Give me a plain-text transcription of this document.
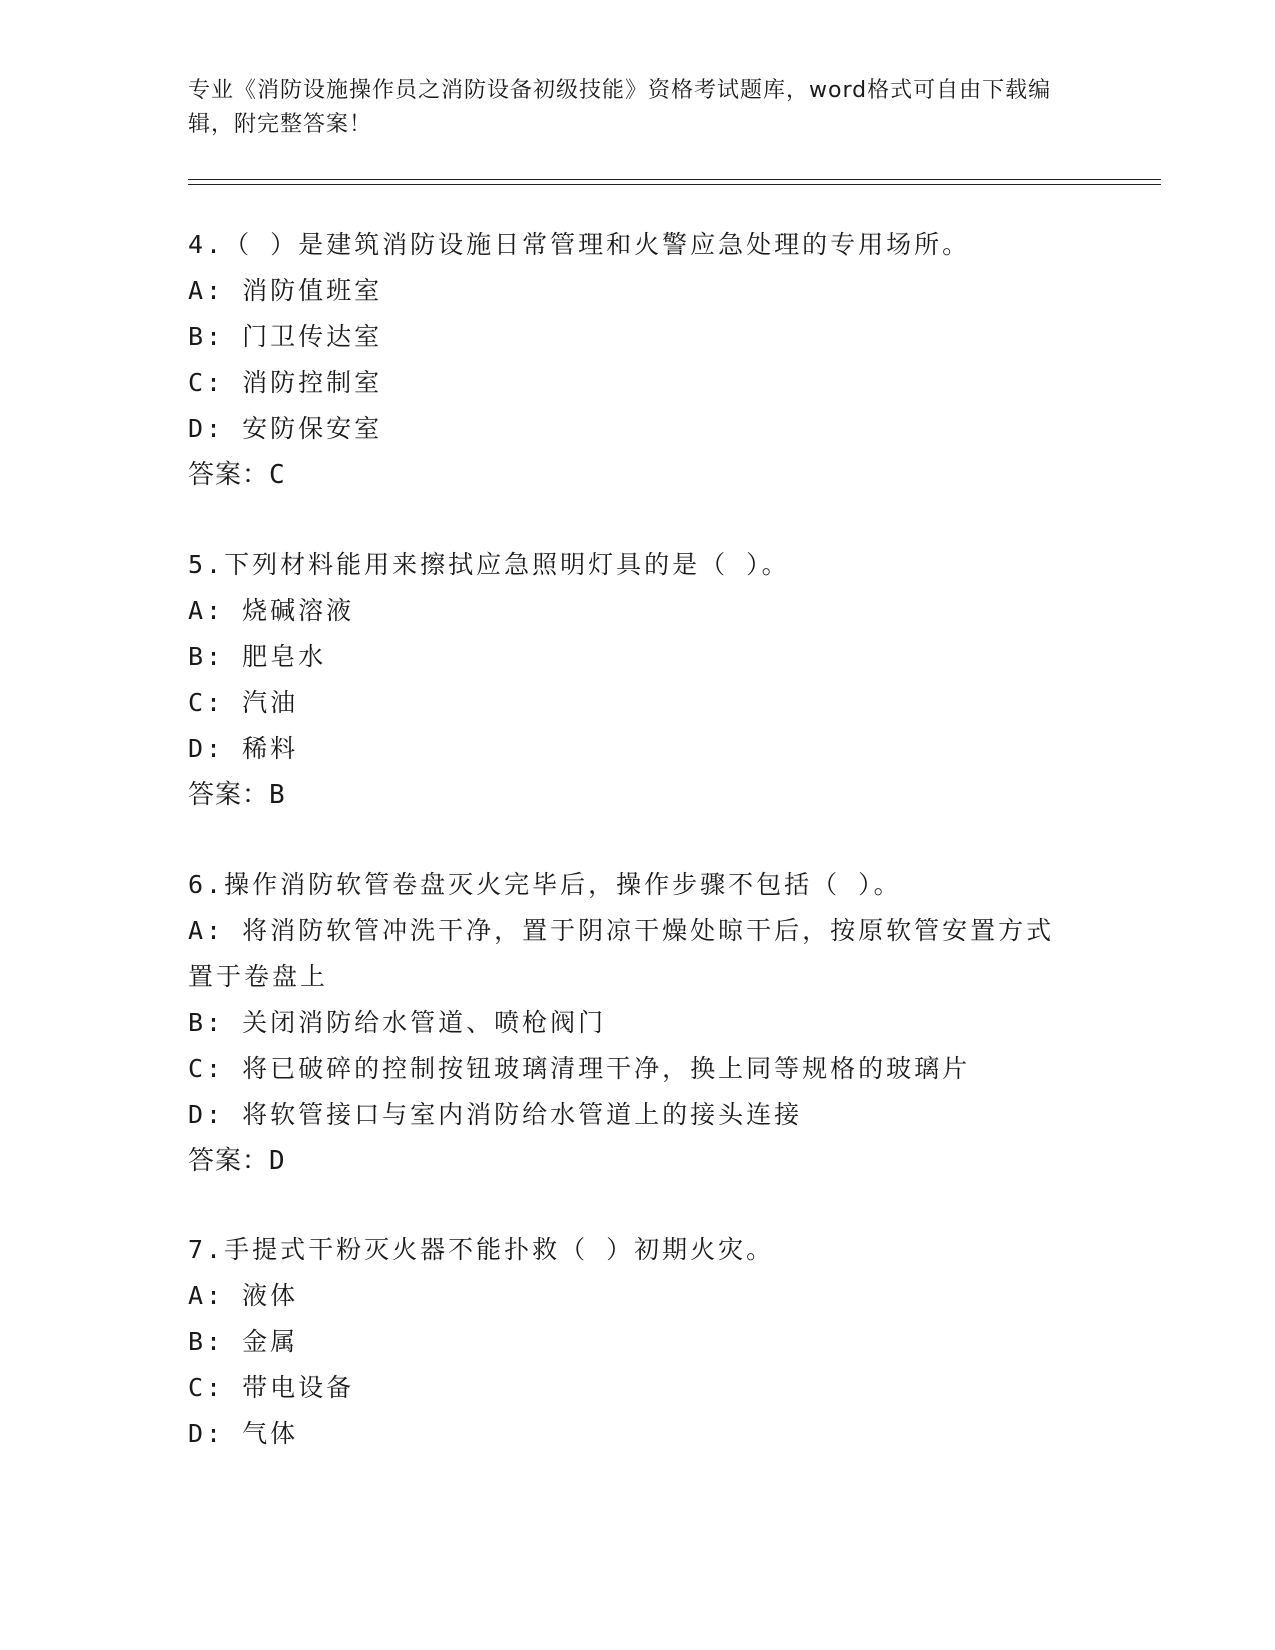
专业《消防设施操作员之消防设备初级技能》资格考试题库，word格式可自由下载编辑，附完整答案！

4.（ ）是建筑消防设施日常管理和火警应急处理的专用场所。

A: 消防值班室

B: 门卫传达室

C: 消防控制室

D: 安防保安室

答案：C

5.下列材料能用来擦拭应急照明灯具的是（ ）。

A: 烧碱溶液

B: 肥皂水

C: 汽油

D: 稀料

答案：B

6.操作消防软管卷盘灭火完毕后，操作步骤不包括（ ）。

A: 将消防软管冲洗干净，置于阴凉干燥处晾干后，按原软管安置方式置于卷盘上

B: 关闭消防给水管道、喷枪阀门

C: 将已破碎的控制按钮玻璃清理干净，换上同等规格的玻璃片

D: 将软管接口与室内消防给水管道上的接头连接

答案：D

7.手提式干粉灭火器不能扑救（ ）初期火灾。

A: 液体

B: 金属

C: 带电设备

D: 气体
